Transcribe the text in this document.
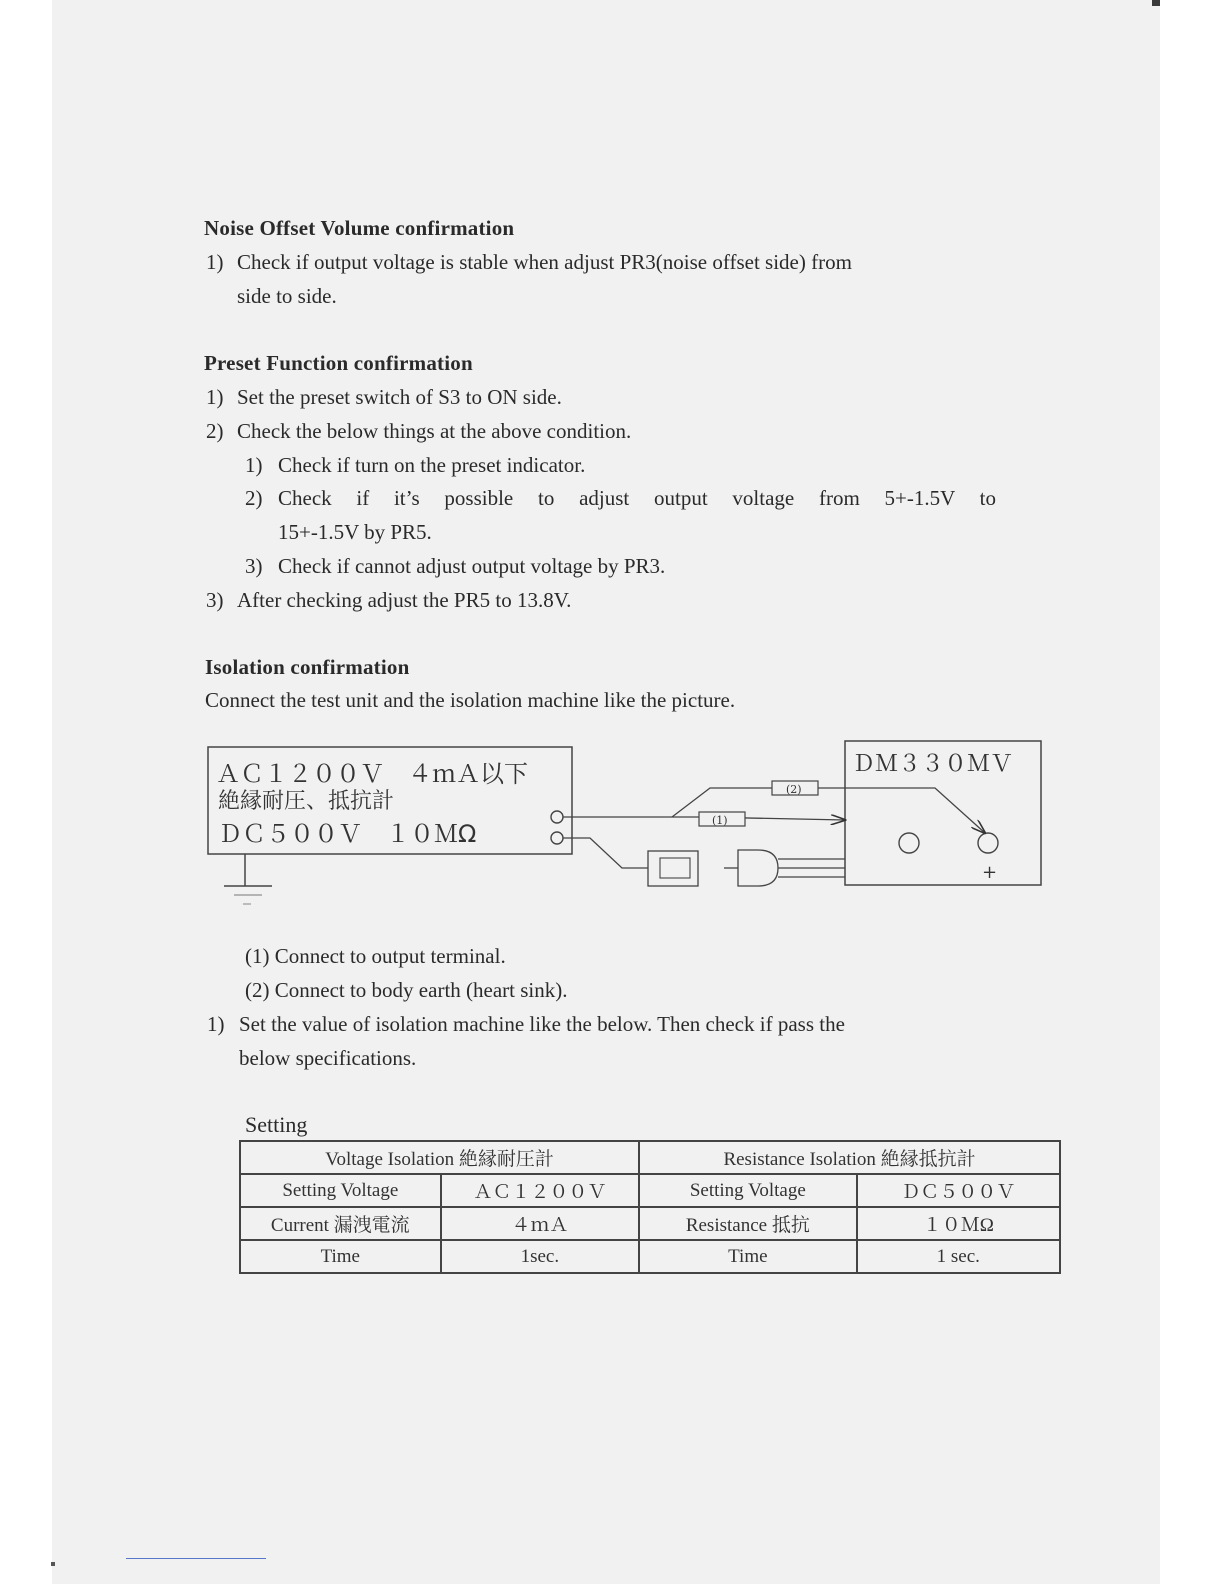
Noise Offset Volume confirmation
1) Check if output voltage is stable when adjust PR3(noise offset side) from
side to side.
Preset Function confirmation
1) Set the preset switch of S3 to ON side.
2) Check the below things at the above condition.
1) Check if turn on the preset indicator.
2) Check if it’s possible to adjust output voltage from 5+-1.5V to
15+-1.5V by PR5.
3) Check if cannot adjust output voltage by PR3.
3) After checking adjust the PR5 to 13.8V.
Isolation confirmation
Connect the test unit and the isolation machine like the picture.
ＡＣ１２００Ｖ　４ｍＡ以下
絶縁耐圧、抵抗計
ＤＣ５００Ｖ　１０ＭΩ
ＤＭ３３０ＭＶ
+
(1)
(2)
(1) Connect to output terminal.
(2) Connect to body earth (heart sink).
1) Set the value of isolation machine like the below. Then check if pass the
below specifications.
Setting
Voltage Isolation 絶縁耐圧計		Resistance Isolation 絶縁抵抗計	
Setting Voltage	ＡＣ１２００Ｖ	Setting Voltage	ＤＣ５００Ｖ
Current 漏洩電流	４ｍＡ	Resistance 抵抗	１０ＭΩ
Time	1sec.	Time	1 sec.
